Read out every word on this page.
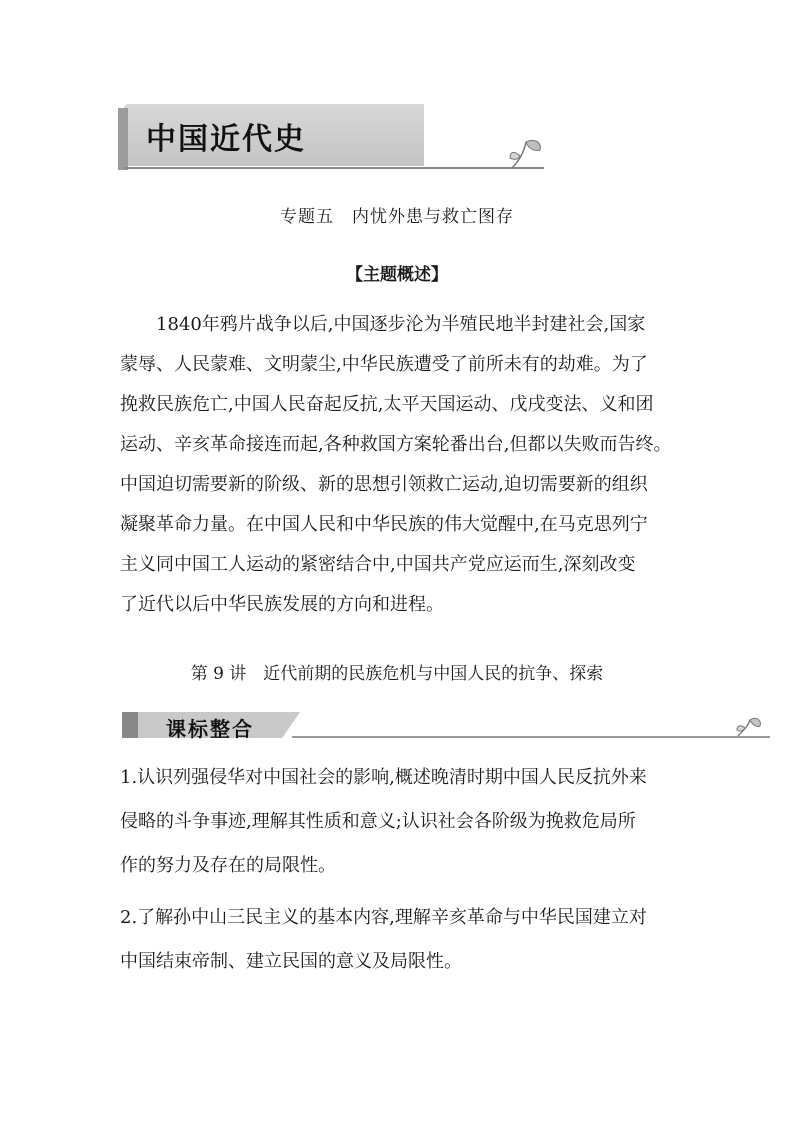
中国近代史
专题五　内忧外患与救亡图存
【主题概述】
1840年鸦片战争以后,中国逐步沦为半殖民地半封建社会,国家
蒙辱、人民蒙难、文明蒙尘,中华民族遭受了前所未有的劫难。为了
挽救民族危亡,中国人民奋起反抗,太平天国运动、戊戌变法、义和团
运动、辛亥革命接连而起,各种救国方案轮番出台,但都以失败而告终。
中国迫切需要新的阶级、新的思想引领救亡运动,迫切需要新的组织
凝聚革命力量。在中国人民和中华民族的伟大觉醒中,在马克思列宁
主义同中国工人运动的紧密结合中,中国共产党应运而生,深刻改变
了近代以后中华民族发展的方向和进程。
第 9 讲　近代前期的民族危机与中国人民的抗争、探索
课标整合
1.认识列强侵华对中国社会的影响,概述晚清时期中国人民反抗外来
侵略的斗争事迹,理解其性质和意义;认识社会各阶级为挽救危局所
作的努力及存在的局限性。
2.了解孙中山三民主义的基本内容,理解辛亥革命与中华民国建立对
中国结束帝制、建立民国的意义及局限性。
